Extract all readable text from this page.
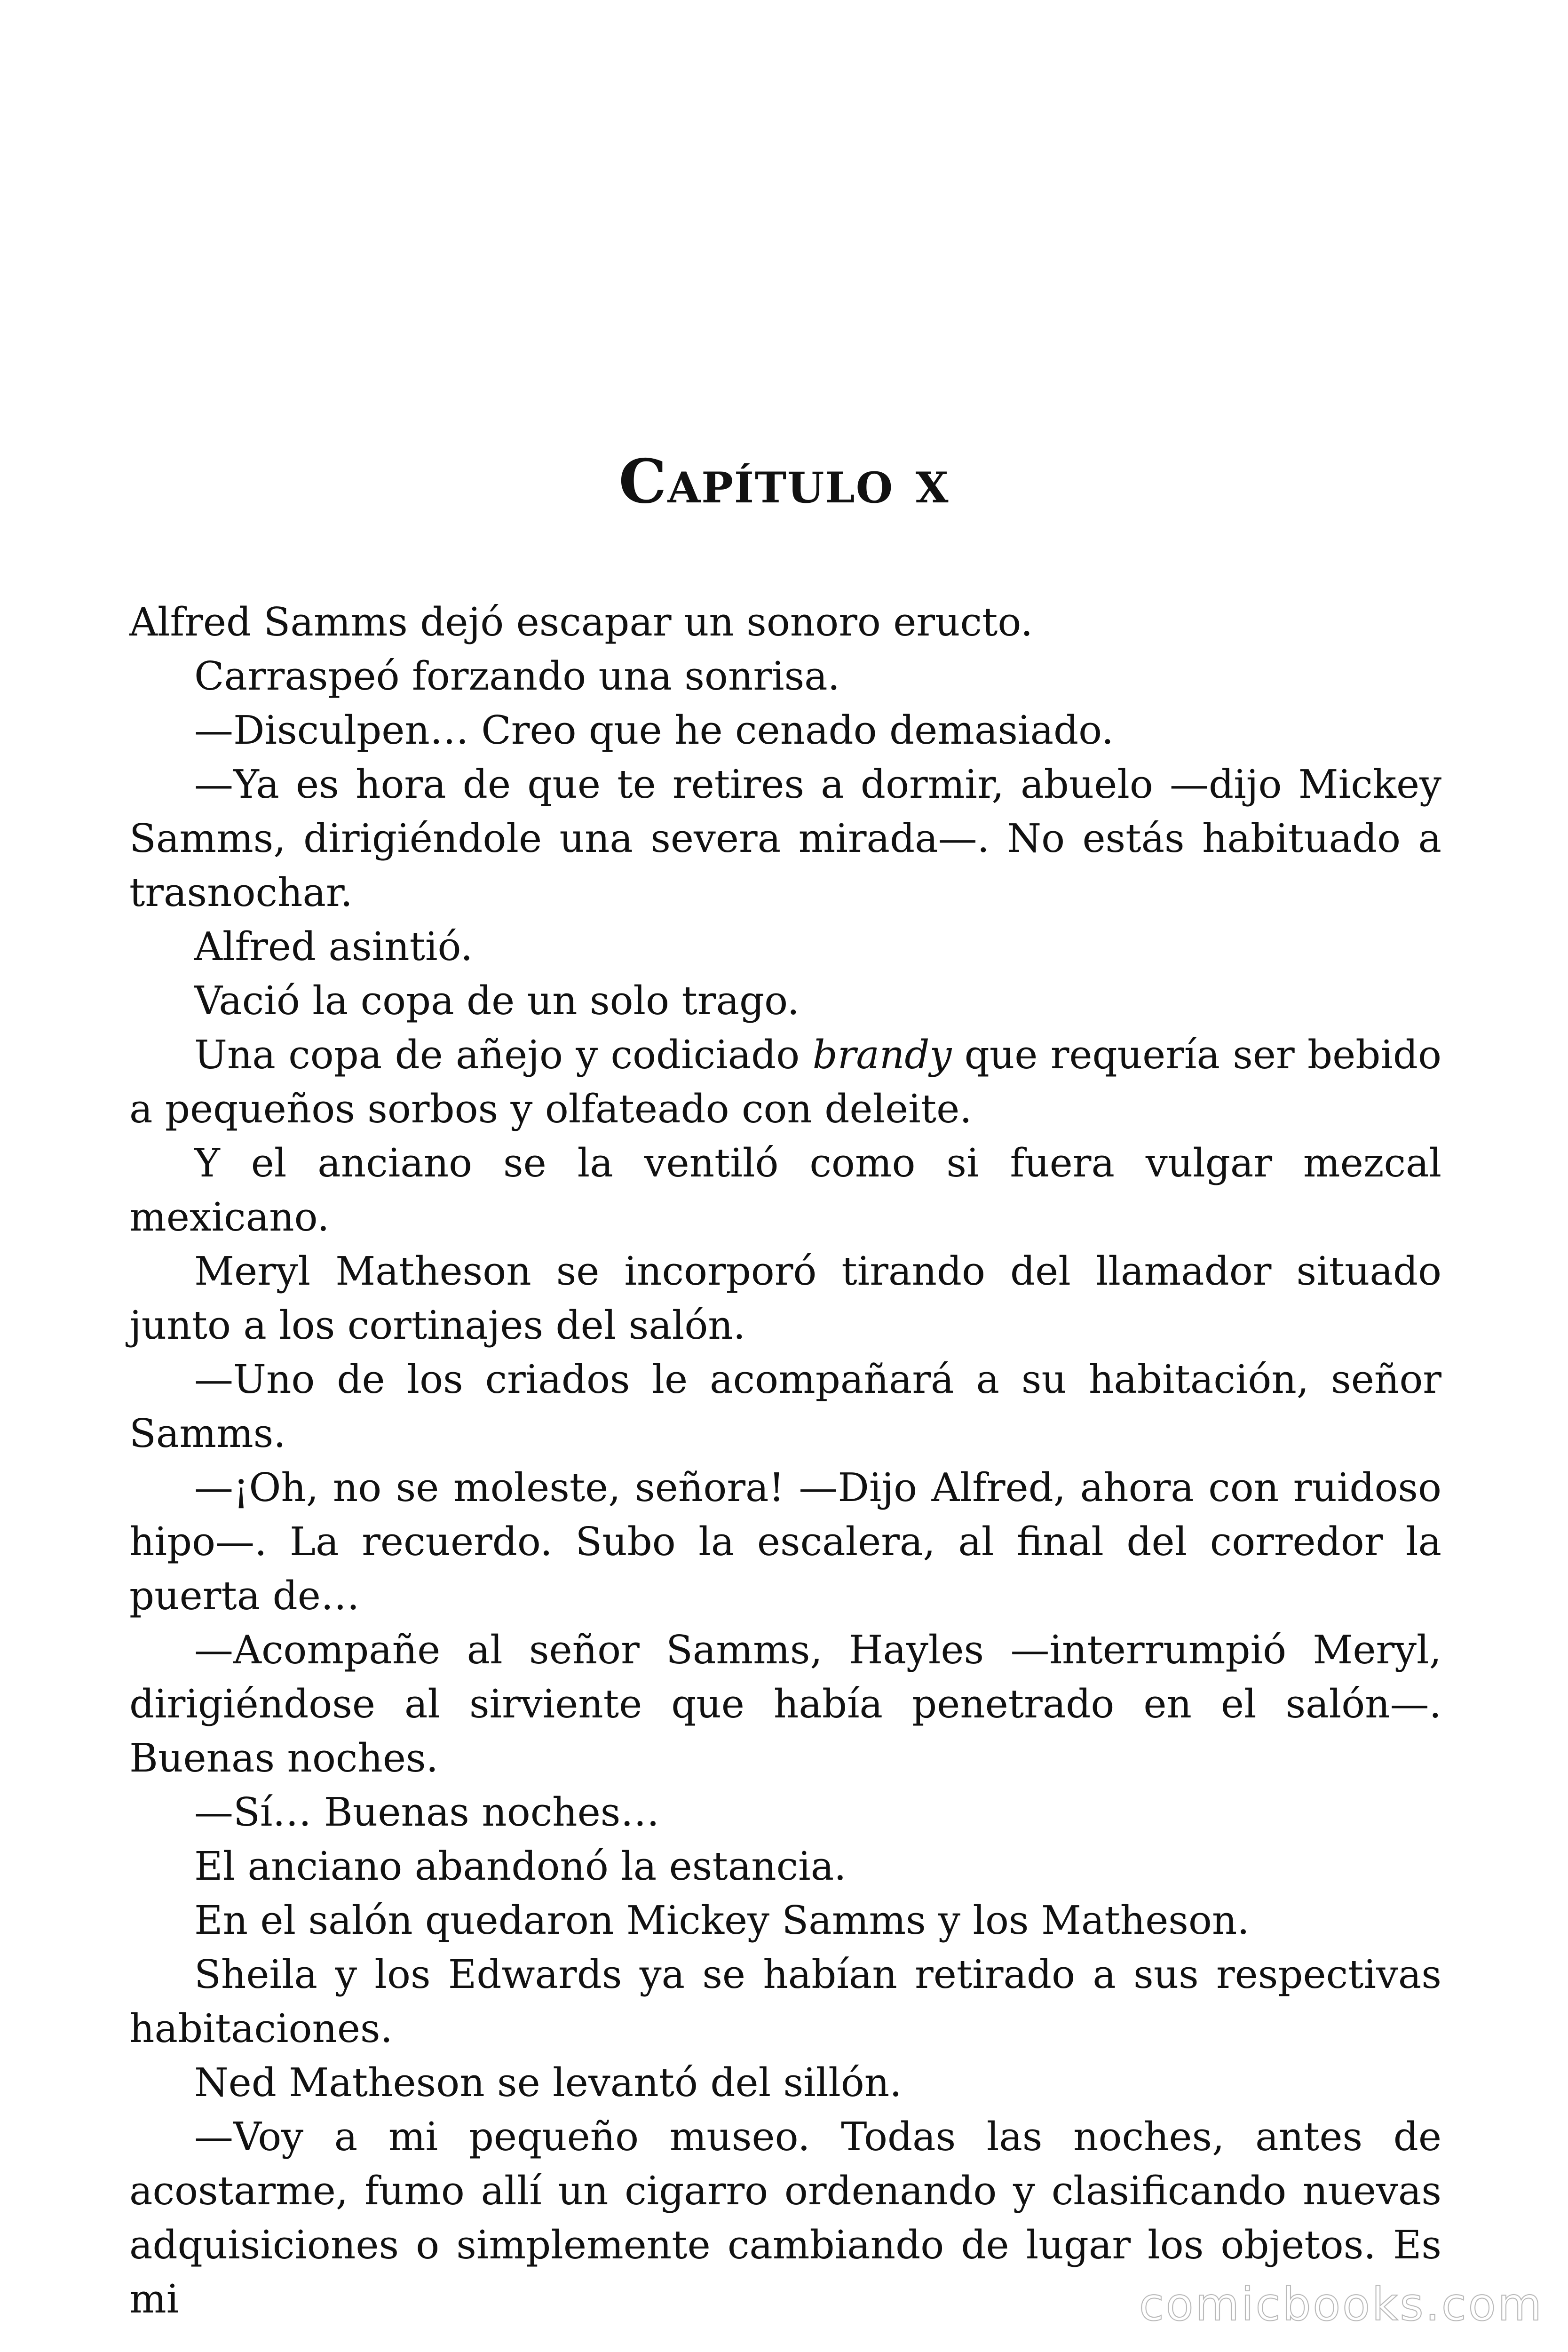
Capítulo x

Alfred Samms dejó escapar un sonoro eructo.

Carraspeó forzando una sonrisa.

—Disculpen… Creo que he cenado demasiado.

—Ya es hora de que te retires a dormir, abuelo —dijo Mickey Samms, dirigiéndole una severa mirada—. No estás habituado a trasnochar.

Alfred asintió.

Vació la copa de un solo trago.

Una copa de añejo y codiciado brandy que requería ser bebido a pequeños sorbos y olfateado con deleite.

Y el anciano se la ventiló como si fuera vulgar mezcal mexicano.

Meryl Matheson se incorporó tirando del llamador situado junto a los cortinajes del salón.

—Uno de los criados le acompañará a su habitación, señor Samms.

—¡Oh, no se moleste, señora! —Dijo Alfred, ahora con ruidoso hipo—. La recuerdo. Subo la escalera, al final del corredor la puerta de…

—Acompañe al señor Samms, Hayles —interrumpió Meryl, dirigiéndose al sirviente que había penetrado en el salón—. Buenas noches.

—Sí… Buenas noches…

El anciano abandonó la estancia.

En el salón quedaron Mickey Samms y los Matheson.

Sheila y los Edwards ya se habían retirado a sus respectivas habitaciones.

Ned Matheson se levantó del sillón.

—Voy a mi pequeño museo. Todas las noches, antes de acostarme, fumo allí un cigarro ordenando y clasificando nuevas adquisiciones o simplemente cambiando de lugar los objetos. Es mi	comicbooks.com
